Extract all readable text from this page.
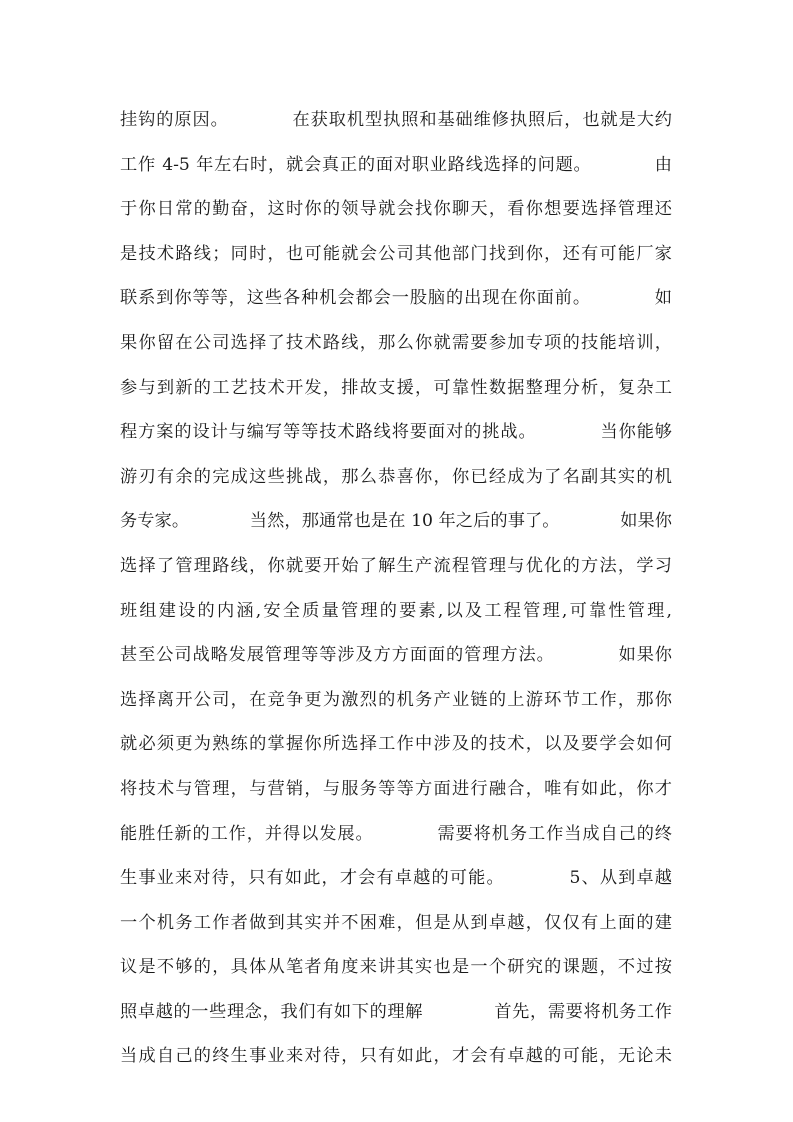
挂钩的原因。　　　　在获取机型执照和基础维修执照后，也就是大约
工作 4-5 年左右时，就会真正的面对职业路线选择的问题。　　　　由
于你日常的勤奋，这时你的领导就会找你聊天，看你想要选择管理还
是技术路线；同时，也可能就会公司其他部门找到你，还有可能厂家
联系到你等等，这些各种机会都会一股脑的出现在你面前。　　　　如
果你留在公司选择了技术路线，那么你就需要参加专项的技能培训，
参与到新的工艺技术开发，排故支援，可靠性数据整理分析，复杂工
程方案的设计与编写等等技术路线将要面对的挑战。　　　　当你能够
游刃有余的完成这些挑战，那么恭喜你，你已经成为了名副其实的机
务专家。　　　　当然，那通常也是在 10 年之后的事了。　　　　如果你
选择了管理路线，你就要开始了解生产流程管理与优化的方法，学习
班组建设的内涵,安全质量管理的要素,以及工程管理,可靠性管理,
甚至公司战略发展管理等等涉及方方面面的管理方法。　　　　如果你
选择离开公司，在竞争更为激烈的机务产业链的上游环节工作，那你
就必须更为熟练的掌握你所选择工作中涉及的技术，以及要学会如何
将技术与管理，与营销，与服务等等方面进行融合，唯有如此，你才
能胜任新的工作，并得以发展。　　　　需要将机务工作当成自己的终
生事业来对待，只有如此，才会有卓越的可能。　　　　5、从到卓越
一个机务工作者做到其实并不困难，但是从到卓越，仅仅有上面的建
议是不够的，具体从笔者角度来讲其实也是一个研究的课题，不过按
照卓越的一些理念，我们有如下的理解　　　　首先，需要将机务工作
当成自己的终生事业来对待，只有如此，才会有卓越的可能，无论未
